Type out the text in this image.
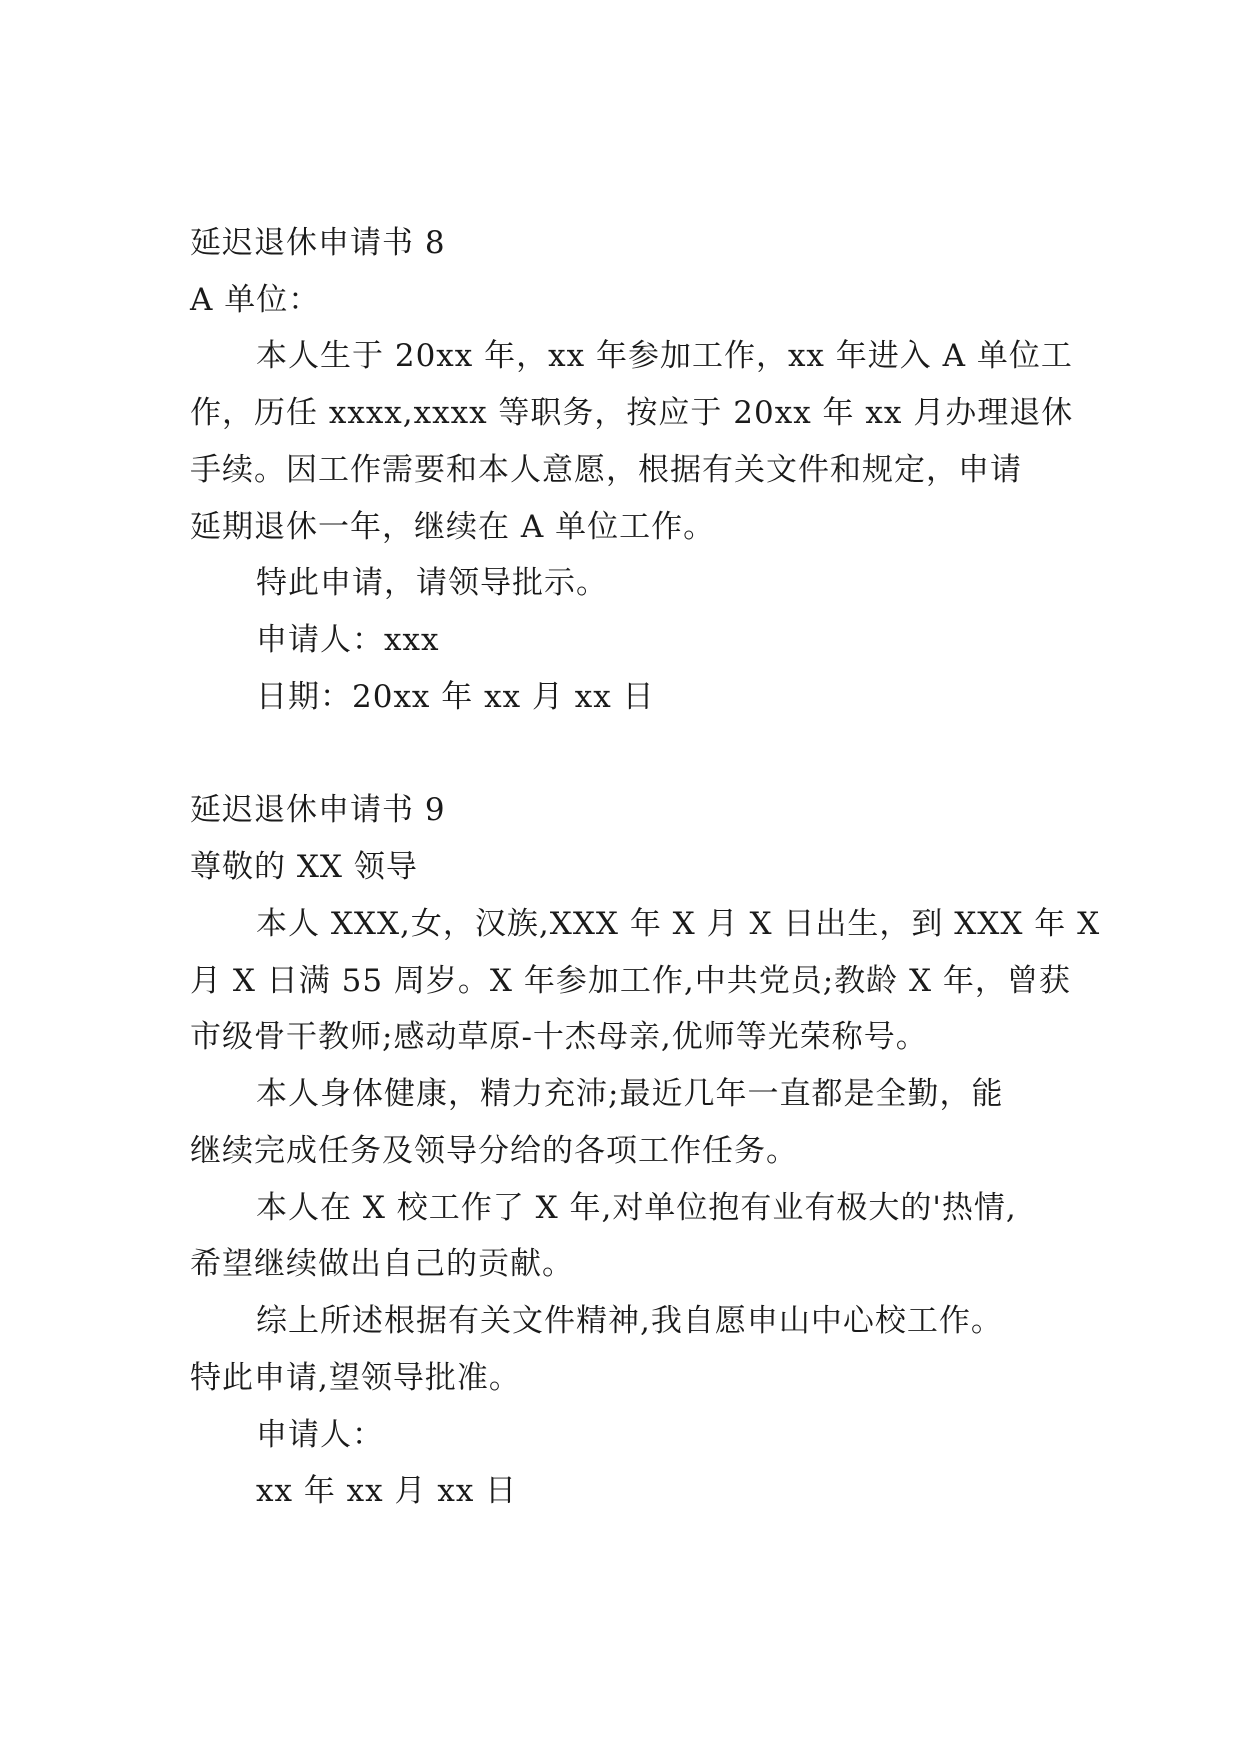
延迟退休申请书 8
A 单位：
本人生于 20xx 年，xx 年参加工作，xx 年进入 A 单位工
作，历任 xxxx,xxxx 等职务，按应于 20xx 年 xx 月办理退休
手续。因工作需要和本人意愿，根据有关文件和规定，申请
延期退休一年，继续在 A 单位工作。
特此申请，请领导批示。
申请人：xxx
日期：20xx 年 xx 月 xx 日
延迟退休申请书 9
尊敬的 XX 领导
本人 XXX,女，汉族,XXX 年 X 月 X 日出生，到 XXX 年 X
月 X 日满 55 周岁。X 年参加工作,中共党员;教龄 X 年，曾获
市级骨干教师;感动草原-十杰母亲,优师等光荣称号。
本人身体健康，精力充沛;最近几年一直都是全勤，能
继续完成任务及领导分给的各项工作任务。
本人在 X 校工作了 X 年,对单位抱有业有极大的'热情,
希望继续做出自己的贡献。
综上所述根据有关文件精神,我自愿申山中心校工作。
特此申请,望领导批准。
申请人：
xx 年 xx 月 xx 日
